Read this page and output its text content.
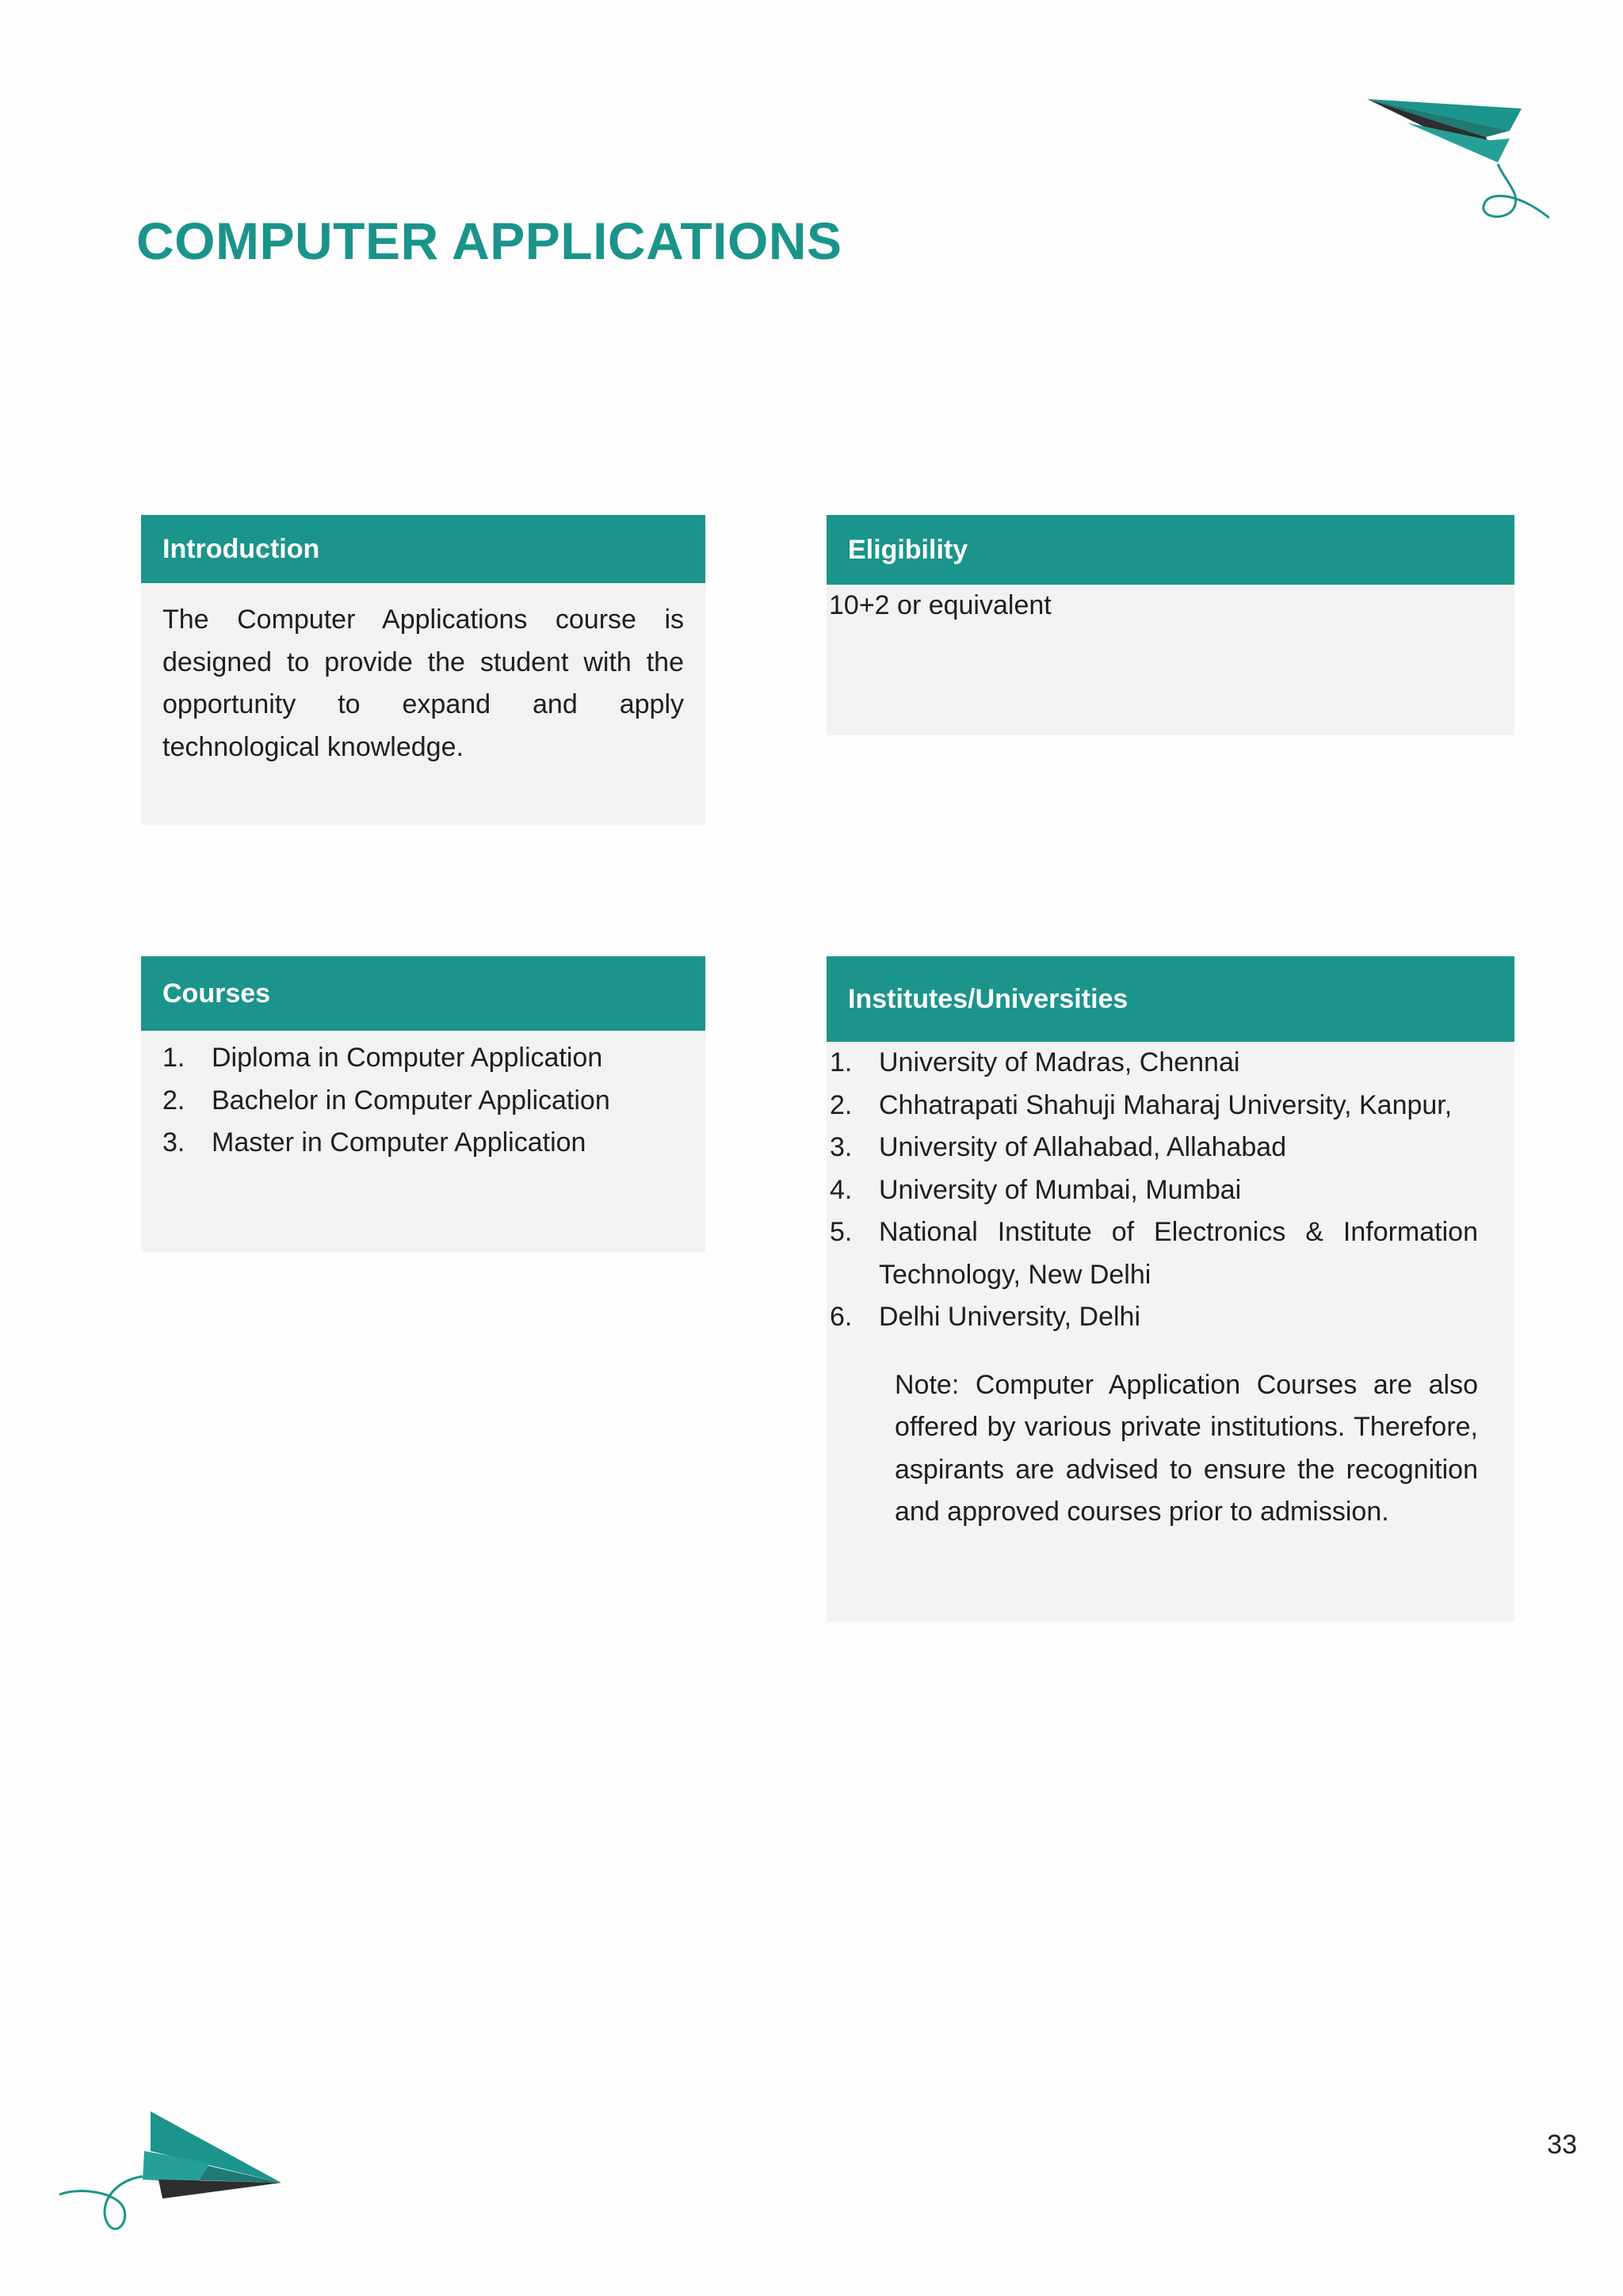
COMPUTER APPLICATIONS
Introduction

The Computer Applications course is designed to provide the student with the opportunity to expand and apply technological knowledge.

Eligibility
10+2 or equivalent
Courses
1. Diploma in Computer Application
2. Bachelor in Computer Application
3. Master in Computer Application
Institutes/Universities
1. University of Madras, Chennai
2. Chhatrapati Shahuji Maharaj University, Kanpur,
3. University of Allahabad, Allahabad
4. University of Mumbai, Mumbai
5. National Institute of Electronics & Information Technology, New Delhi
6. Delhi University, Delhi

Note: Computer Application Courses are also offered by various private institutions. Therefore, aspirants are advised to ensure the recognition and approved courses prior to admission.

33
